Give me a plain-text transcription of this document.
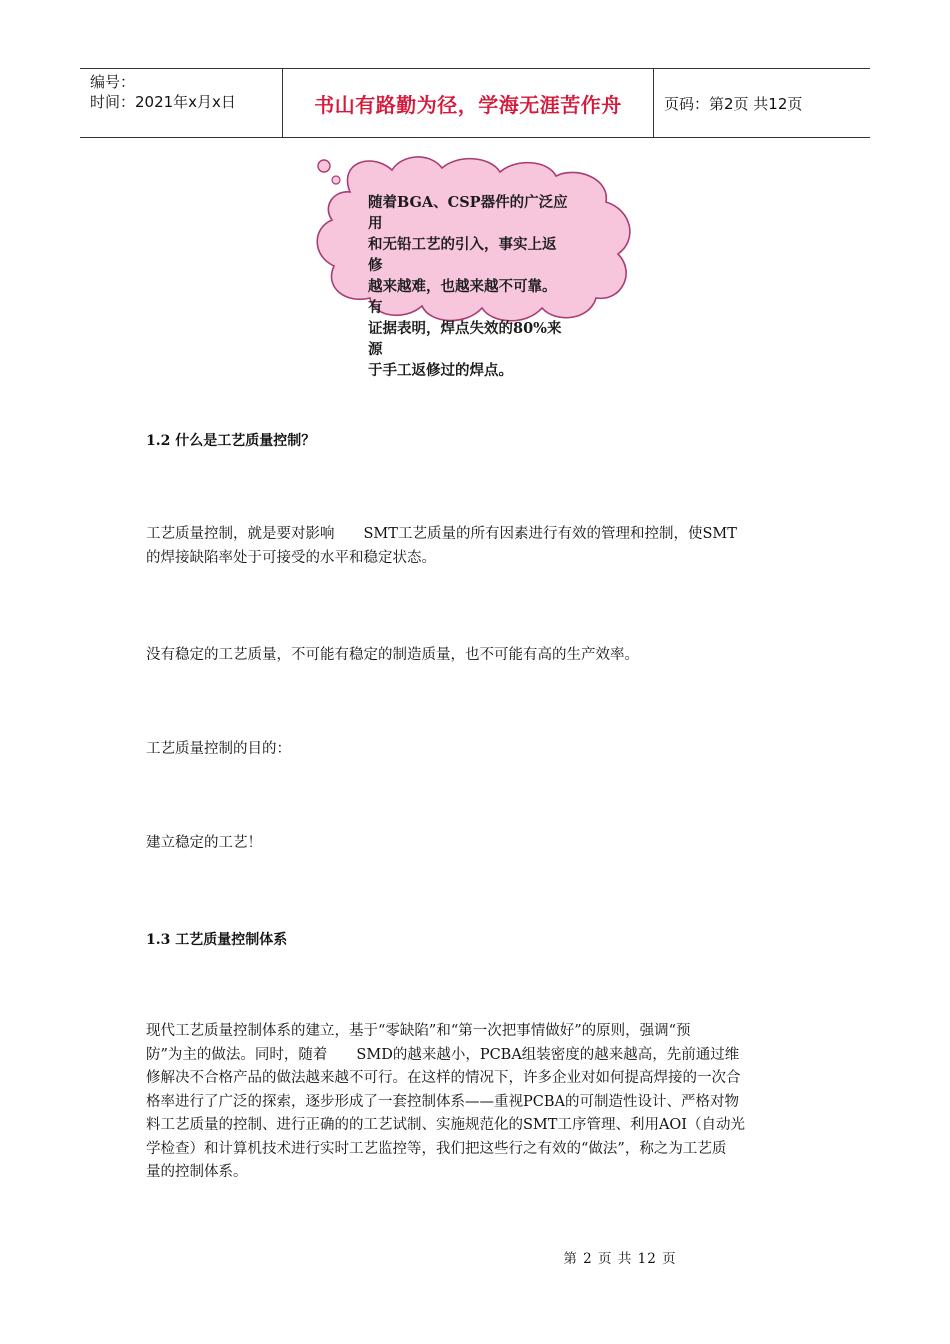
编号：
时间：2021年x月x日	书山有路勤为径，学海无涯苦作舟	页码：第2页 共12页
随着BGA、CSP器件的广泛应用
和无铅工艺的引入，事实上返修
越来越难，也越来越不可靠。有
证据表明，焊点失效的80%来源
于手工返修过的焊点。
1.2 什么是工艺质量控制？
工艺质量控制，就是要对影响　　SMT工艺质量的所有因素进行有效的管理和控制，使SMT
的焊接缺陷率处于可接受的水平和稳定状态。
没有稳定的工艺质量，不可能有稳定的制造质量，也不可能有高的生产效率。
工艺质量控制的目的：
建立稳定的工艺！
1.3 工艺质量控制体系
现代工艺质量控制体系的建立，基于“零缺陷”和“第一次把事情做好”的原则，强调“预
防”为主的做法。同时，随着　　SMD的越来越小，PCBA组装密度的越来越高，先前通过维
修解决不合格产品的做法越来越不可行。在这样的情况下，许多企业对如何提高焊接的一次合
格率进行了广泛的探索，逐步形成了一套控制体系——重视PCBA的可制造性设计、严格对物
料工艺质量的控制、进行正确的的工艺试制、实施规范化的SMT工序管理、利用AOI（自动光
学检查）和计算机技术进行实时工艺监控等，我们把这些行之有效的“做法”，称之为工艺质
量的控制体系。
第 2 页 共 12 页
